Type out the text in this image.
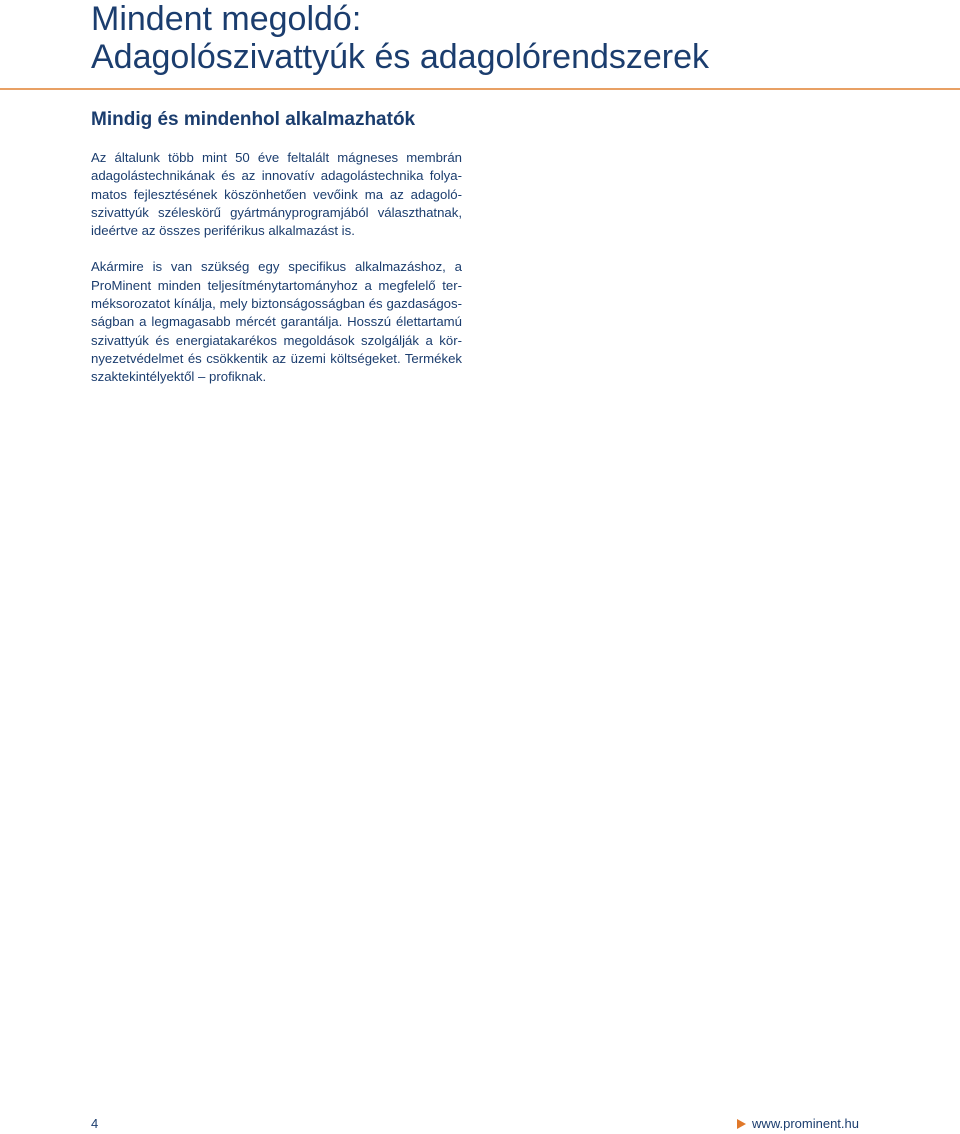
Mindent megoldó:
Adagolószivattyúk és adagolórendszerek
Mindig és mindenhol alkalmazhatók

Az általunk több mint 50 éve feltalált mágneses membrán
adagolástechnikának és az innovatív adagolástechnika folya-
matos fejlesztésének köszönhetően vevőink ma az adagoló-
szivattyúk széleskörű gyártmányprogramjából választhatnak,
ideértve az összes periférikus alkalmazást is.

Akármire is van szükség egy specifikus alkalmazáshoz, a
ProMinent minden teljesítménytartományhoz a megfelelő ter-
méksorozatot kínálja, mely biztonságosságban és gazdaságos-
ságban a legmagasabb mércét garantálja. Hosszú élettartamú
szivattyúk és energiatakarékos megoldások szolgálják a kör-
nyezetvédelmet és csökkentik az üzemi költségeket. Termékek
szaktekintélyektől – profiknak.

4	www.prominent.hu
